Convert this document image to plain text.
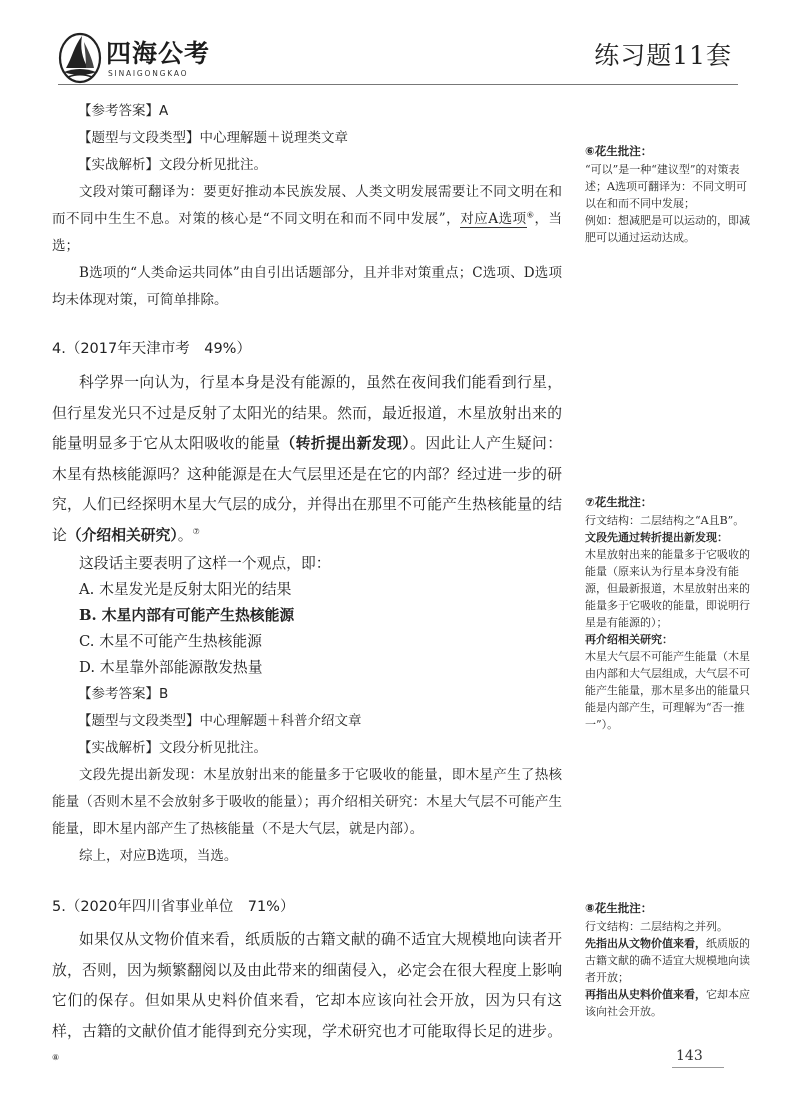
四海公考
SINAIGONGKAO
练习题11套

【参考答案】A

【题型与文段类型】中心理解题＋说理类文章

【实战解析】文段分析见批注。

文段对策可翻译为：要更好推动本民族发展、人类文明发展需要让不同文明在和而不同中生生不息。对策的核心是“不同文明在和而不同中发展”，对应A选项⑥，当选；

B选项的“人类命运共同体”由自引出话题部分，且并非对策重点；C选项、D选项均未体现对策，可简单排除。

4.（2017年天津市考　49%）

科学界一向认为，行星本身是没有能源的，虽然在夜间我们能看到行星，但行星发光只不过是反射了太阳光的结果。然而，最近报道，木星放射出来的能量明显多于它从太阳吸收的能量（转折提出新发现）。因此让人产生疑问：木星有热核能源吗？这种能源是在大气层里还是在它的内部？经过进一步的研究，人们已经探明木星大气层的成分，并得出在那里不可能产生热核能量的结论（介绍相关研究）。⑦

这段话主要表明了这样一个观点，即：

A. 木星发光是反射太阳光的结果

B. 木星内部有可能产生热核能源

C. 木星不可能产生热核能源

D. 木星靠外部能源散发热量

【参考答案】B

【题型与文段类型】中心理解题＋科普介绍文章

【实战解析】文段分析见批注。

文段先提出新发现：木星放射出来的能量多于它吸收的能量，即木星产生了热核能量（否则木星不会放射多于吸收的能量）；再介绍相关研究：木星大气层不可能产生能量，即木星内部产生了热核能量（不是大气层，就是内部）。

综上，对应B选项，当选。

5.（2020年四川省事业单位　71%）

如果仅从文物价值来看，纸质版的古籍文献的确不适宜大规模地向读者开放，否则，因为频繁翻阅以及由此带来的细菌侵入，必定会在很大程度上影响它们的保存。但如果从史料价值来看，它却本应该向社会开放，因为只有这样，古籍的文献价值才能得到充分实现，学术研究也才可能取得长足的进步。⑧

⑥花生批注：

“可以”是一种“建议型”的对策表述；A选项可翻译为：不同文明可以在和而不同中发展；

例如：想减肥是可以运动的，即减肥可以通过运动达成。

⑦花生批注：

行文结构：二层结构之“A且B”。

文段先通过转折提出新发现：

木星放射出来的能量多于它吸收的能量（原来认为行星本身没有能源，但最新报道，木星放射出来的能量多于它吸收的能量，即说明行星是有能源的）；

再介绍相关研究：

木星大气层不可能产生能量（木星由内部和大气层组成，大气层不可能产生能量，那木星多出的能量只能是内部产生，可理解为“否一推一”）。

⑧花生批注：

行文结构：二层结构之并列。

先指出从文物价值来看，纸质版的古籍文献的确不适宜大规模地向读者开放；

再指出从史料价值来看，它却本应该向社会开放。

143
